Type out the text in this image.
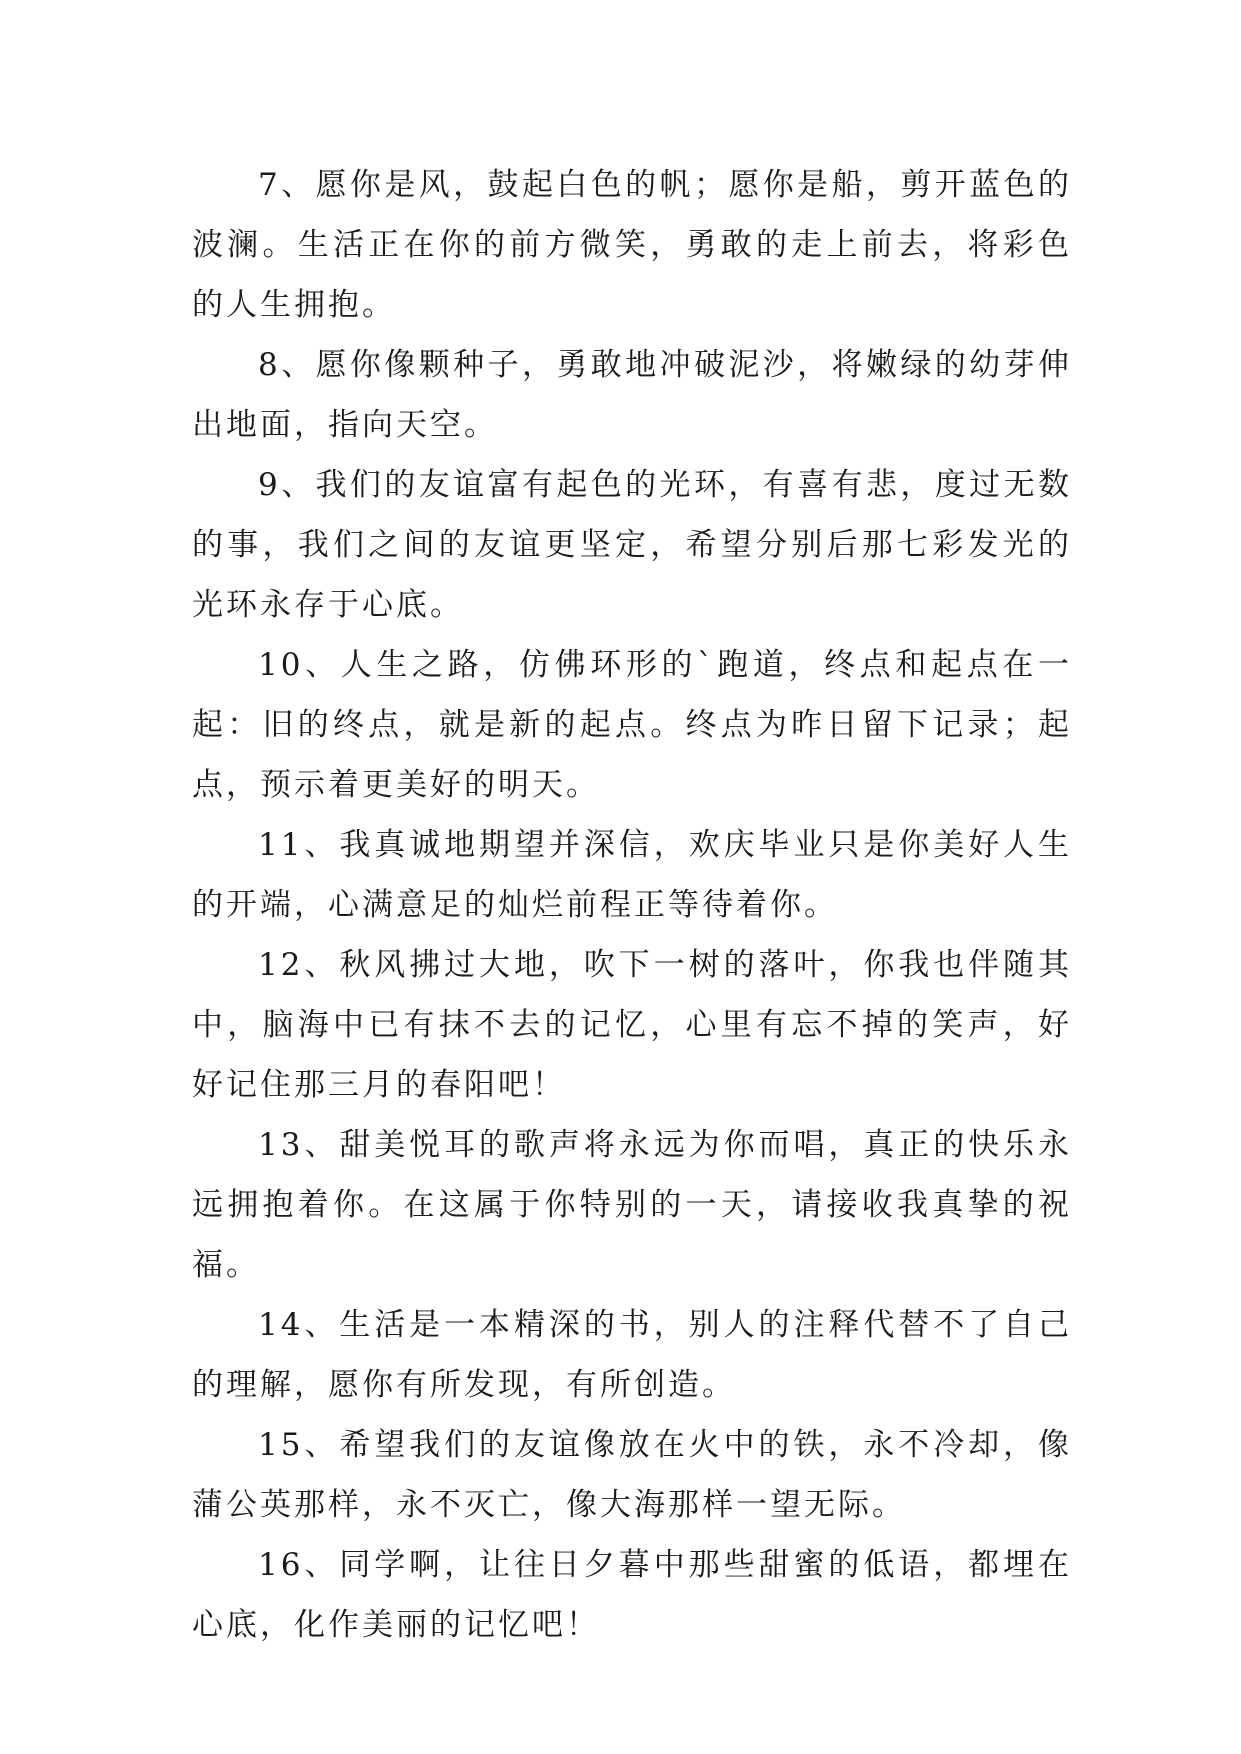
7、愿你是风，鼓起白色的帆；愿你是船，剪开蓝色的波澜。生活正在你的前方微笑，勇敢的走上前去，将彩色的人生拥抱。

8、愿你像颗种子，勇敢地冲破泥沙，将嫩绿的幼芽伸出地面，指向天空。

9、我们的友谊富有起色的光环，有喜有悲，度过无数的事，我们之间的友谊更坚定，希望分别后那七彩发光的光环永存于心底。

10、人生之路，仿佛环形的`跑道，终点和起点在一起：旧的终点，就是新的起点。终点为昨日留下记录；起点，预示着更美好的明天。

11、我真诚地期望并深信，欢庆毕业只是你美好人生的开端，心满意足的灿烂前程正等待着你。

12、秋风拂过大地，吹下一树的落叶，你我也伴随其中，脑海中已有抹不去的记忆，心里有忘不掉的笑声，好好记住那三月的春阳吧！

13、甜美悦耳的歌声将永远为你而唱，真正的快乐永远拥抱着你。在这属于你特别的一天，请接收我真挚的祝福。

14、生活是一本精深的书，别人的注释代替不了自己的理解，愿你有所发现，有所创造。

15、希望我们的友谊像放在火中的铁，永不冷却，像蒲公英那样，永不灭亡，像大海那样一望无际。

16、同学啊，让往日夕暮中那些甜蜜的低语，都埋在心底，化作美丽的记忆吧！
